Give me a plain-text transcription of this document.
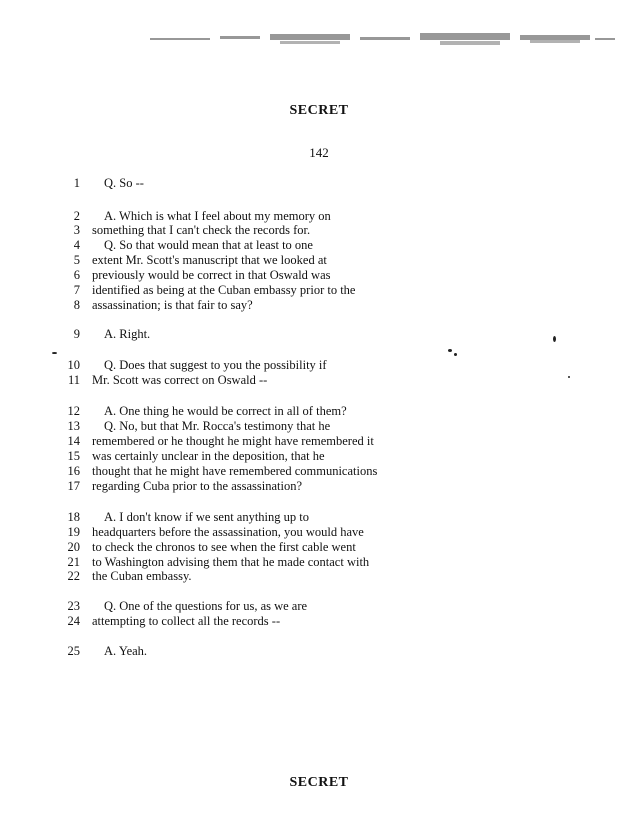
SECRET
142
1 Q. So --
2 A. Which is what I feel about my memory on
3 something that I can't check the records for.
4 Q. So that would mean that at least to one
5 extent Mr. Scott's manuscript that we looked at
6 previously would be correct in that Oswald was
7 identified as being at the Cuban embassy prior to the
8 assassination; is that fair to say?
9 A. Right.
10 Q. Does that suggest to you the possibility if
11 Mr. Scott was correct on Oswald --
12 A. One thing he would be correct in all of them?
13 Q. No, but that Mr. Rocca's testimony that he
14 remembered or he thought he might have remembered it
15 was certainly unclear in the deposition, that he
16 thought that he might have remembered communications
17 regarding Cuba prior to the assassination?
18 A. I don't know if we sent anything up to
19 headquarters before the assassination, you would have
20 to check the chronos to see when the first cable went
21 to Washington advising them that he made contact with
22 the Cuban embassy.
23 Q. One of the questions for us, as we are
24 attempting to collect all the records --
25 A. Yeah.
SECRET
